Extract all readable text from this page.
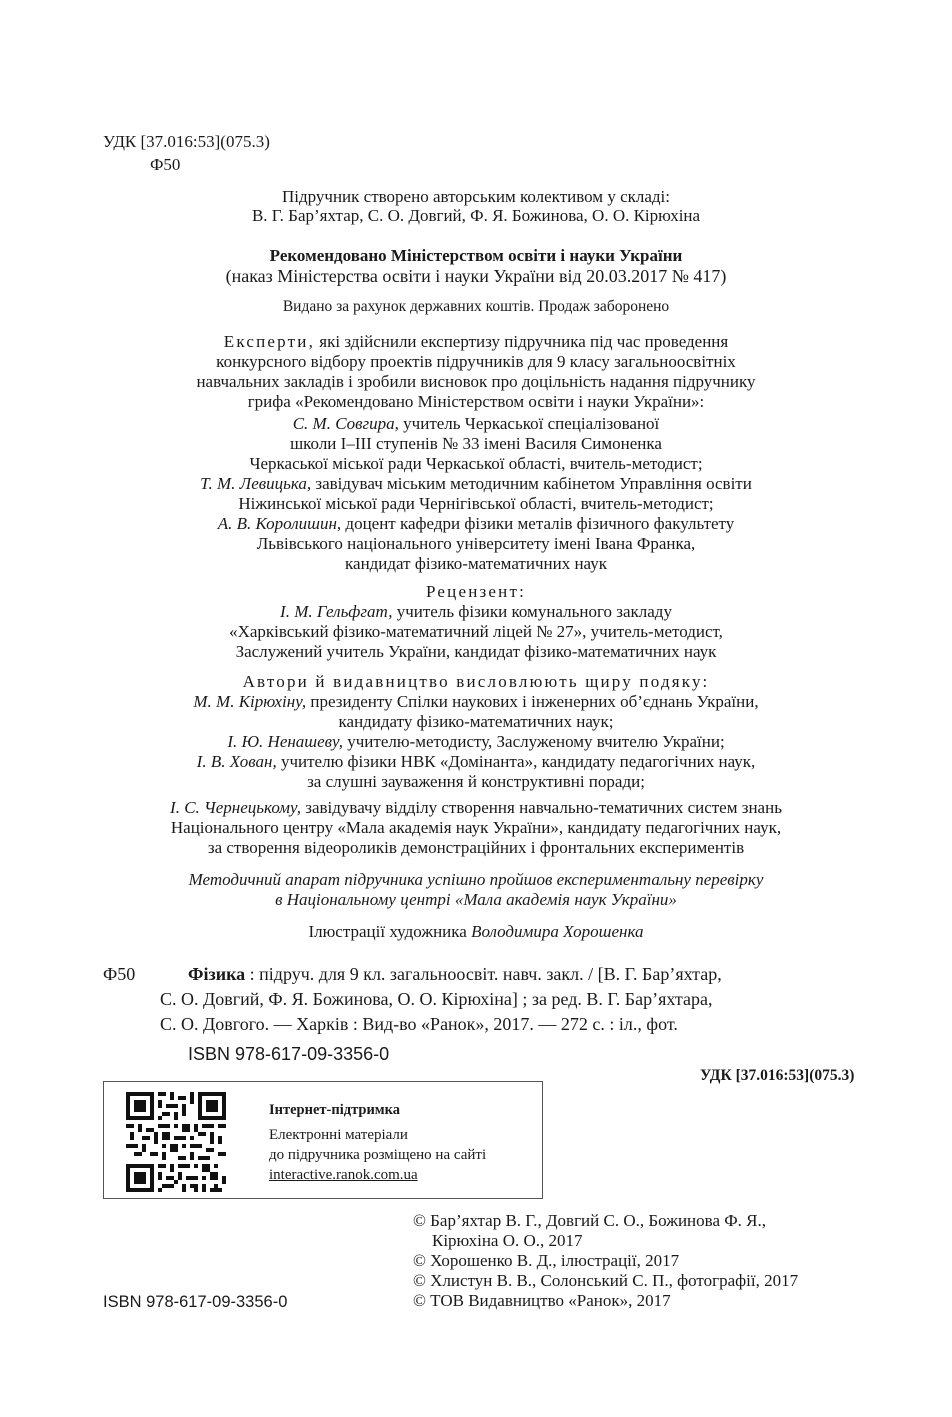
УДК [37.016:53](075.3)
Ф50
Підручник створено авторським колективом у складі:
В. Г. Бар’яхтар, С. О. Довгий, Ф. Я. Божинова, О. О. Кірюхіна
Рекомендовано Міністерством освіти і науки України
(наказ Міністерства освіти і науки України від 20.03.2017 № 417)
Видано за рахунок державних коштів. Продаж заборонено
Експерти, які здійснили експертизу підручника під час проведення
конкурсного відбору проектів підручників для 9 класу загальноосвітніх
навчальних закладів і зробили висновок про доцільність надання підручнику
грифа «Рекомендовано Міністерством освіти і науки України»:
С. М. Совгира, учитель Черкаської спеціалізованої
школи І–ІІІ ступенів № 33 імені Василя Симоненка
Черкаської міської ради Черкаської області, вчитель-методист;
Т. М. Левицька, завідувач міським методичним кабінетом Управління освіти
Ніжинської міської ради Чернігівської області, вчитель-методист;
А. В. Королишин, доцент кафедри фізики металів фізичного факультету
Львівського національного університету імені Івана Франка,
кандидат фізико-математичних наук
Рецензент:
І. М. Гельфгат, учитель фізики комунального закладу
«Харківський фізико-математичний ліцей № 27», учитель-методист,
Заслужений учитель України, кандидат фізико-математичних наук
Автори й видавництво висловлюють щиру подяку:
М. М. Кірюхіну, президенту Спілки наукових і інженерних об’єднань України,
кандидату фізико-математичних наук;
І. Ю. Ненашеву, учителю-методисту, Заслуженому вчителю України;
І. В. Хован, учителю фізики НВК «Домінанта», кандидату педагогічних наук,
за слушні зауваження й конструктивні поради;
І. С. Чернецькому, завідувачу відділу створення навчально-тематичних систем знань
Національного центру «Мала академія наук України», кандидату педагогічних наук,
за створення відеороликів демонстраційних і фронтальних експериментів
Методичний апарат підручника успішно пройшов експериментальну перевірку
в Національному центрі «Мала академія наук України»
Ілюстрації художника Володимира Хорошенка
Ф50	Фізика : підруч. для 9 кл. загальноосвіт. навч. закл. / [В. Г. Бар’яхтар,
С. О. Довгий, Ф. Я. Божинова, О. О. Кірюхіна] ; за ред. В. Г. Бар’яхтара,
С. О. Довгого. — Харків : Вид-во «Ранок», 2017. — 272 с. : іл., фот.
ISBN 978-617-09-3356-0
УДК [37.016:53](075.3)
Інтернет-підтримка
Електронні матеріали
до підручника розміщено на сайті
interactive.ranok.com.ua
© Бар’яхтар В. Г., Довгий С. О., Божинова Ф. Я.,
Кірюхіна О. О., 2017
© Хорошенко В. Д., ілюстрації, 2017
© Хлистун В. В., Солонський С. П., фотографії, 2017
© ТОВ Видавництво «Ранок», 2017
ISBN 978-617-09-3356-0
